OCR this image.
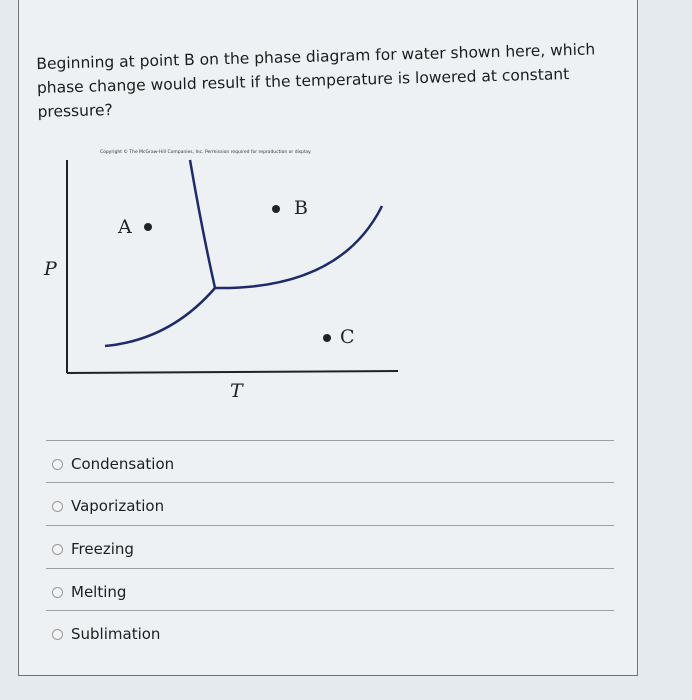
Beginning at point B on the phase diagram for water shown here, which phase change would result if the temperature is lowered at constant pressure?
Copyright © The McGraw-Hill Companies, Inc. Permission required for reproduction or display.
A
B
C
P
T
Condensation
Vaporization
Freezing
Melting
Sublimation
